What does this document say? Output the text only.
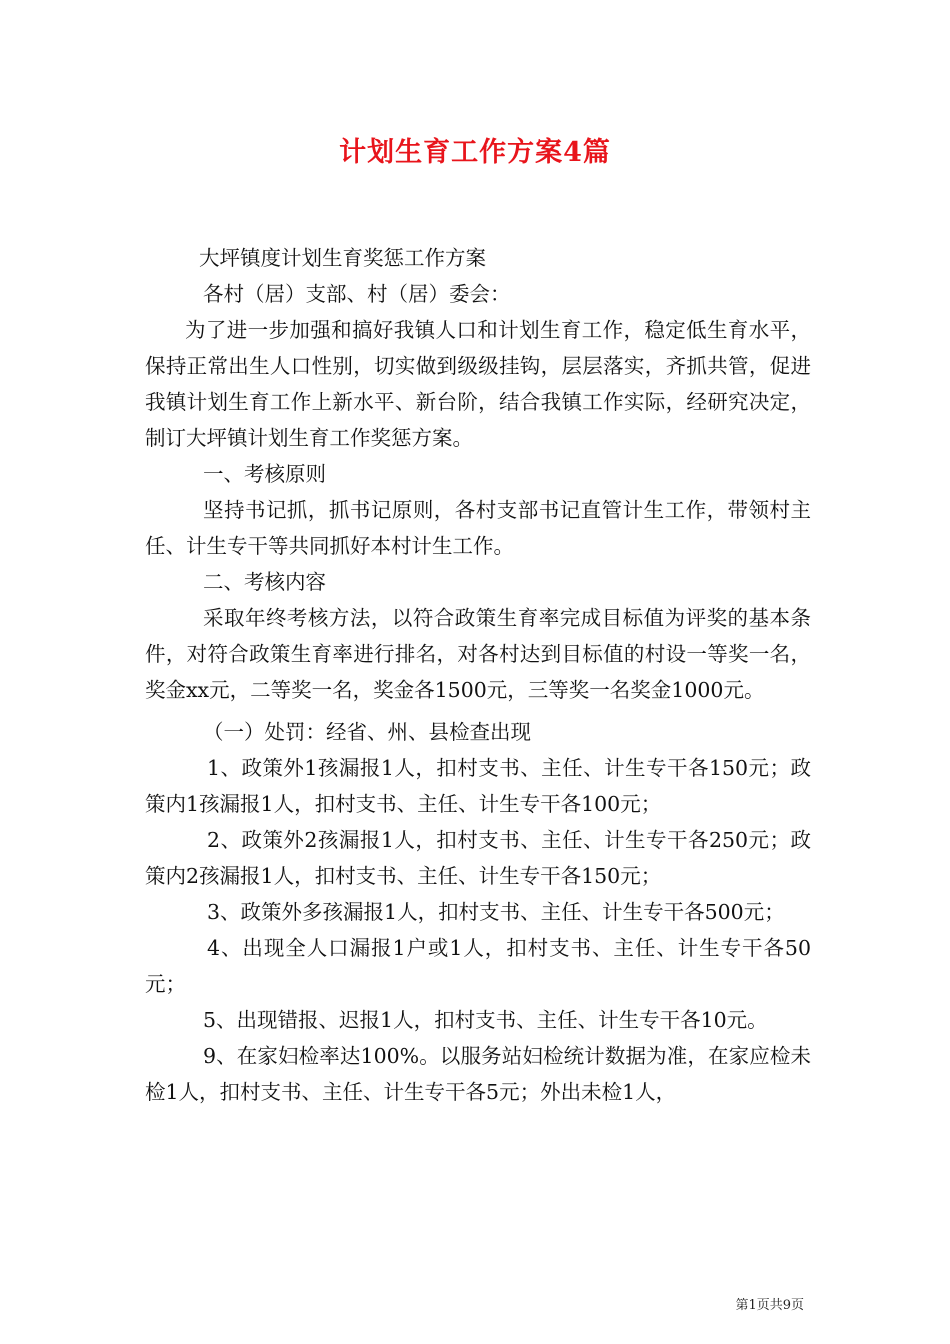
计划生育工作方案4篇

大坪镇度计划生育奖惩工作方案

各村（居）支部、村（居）委会：

为了进一步加强和搞好我镇人口和计划生育工作，稳定低生育水平，保持正常出生人口性别，切实做到级级挂钩，层层落实，齐抓共管，促进我镇计划生育工作上新水平、新台阶，结合我镇工作实际，经研究决定，制订大坪镇计划生育工作奖惩方案。

一、考核原则

坚持书记抓，抓书记原则，各村支部书记直管计生工作，带领村主任、计生专干等共同抓好本村计生工作。

二、考核内容

采取年终考核方法，以符合政策生育率完成目标值为评奖的基本条件，对符合政策生育率进行排名，对各村达到目标值的村设一等奖一名，奖金xx元，二等奖一名，奖金各1500元，三等奖一名奖金1000元。

（一）处罚：经省、州、县检查出现

1、政策外1孩漏报1人，扣村支书、主任、计生专干各150元；政策内1孩漏报1人，扣村支书、主任、计生专干各100元；

2、政策外2孩漏报1人，扣村支书、主任、计生专干各250元；政策内2孩漏报1人，扣村支书、主任、计生专干各150元；

3、政策外多孩漏报1人，扣村支书、主任、计生专干各500元；

4、出现全人口漏报1户或1人，扣村支书、主任、计生专干各50元；

5、出现错报、迟报1人，扣村支书、主任、计生专干各10元。

9、在家妇检率达100%。以服务站妇检统计数据为准，在家应检未检1人，扣村支书、主任、计生专干各5元；外出未检1人，

第1页共9页
